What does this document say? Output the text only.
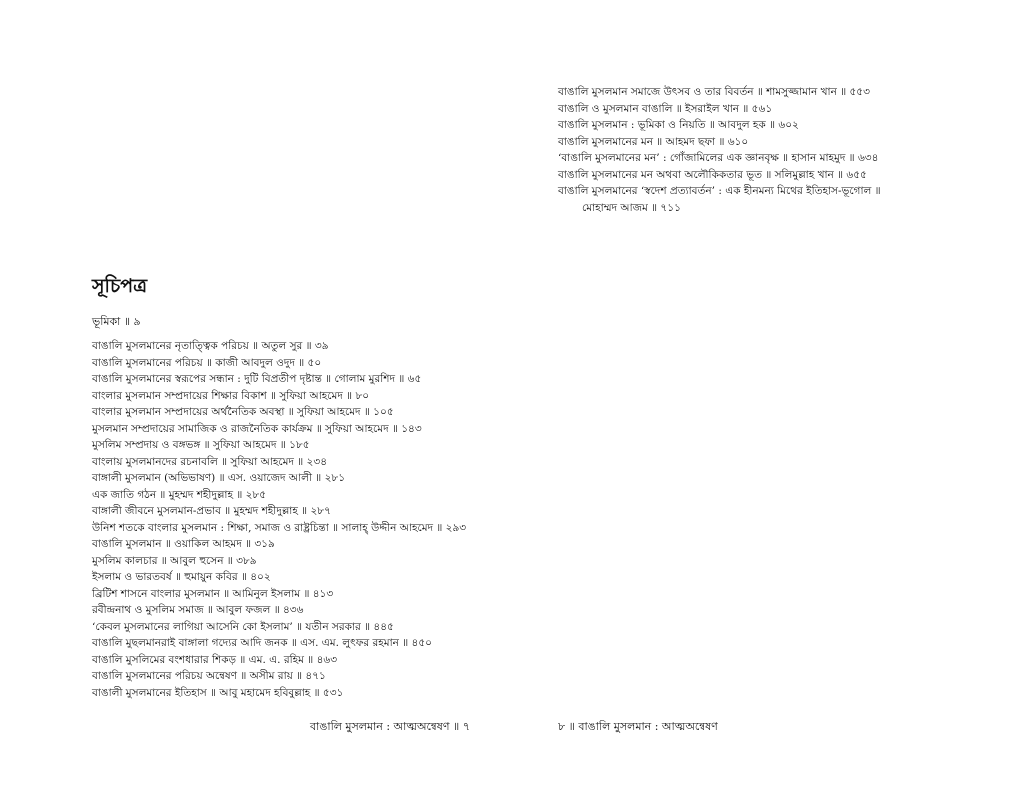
সূচিপত্র
ভূমিকা ॥ ৯
বাঙালি মুসলমানের নৃতাত্ত্বিক পরিচয় ॥ অতুল সুর ॥ ৩৯
বাঙালি মুসলমানের পরিচয় ॥ কাজী আবদুল ওদুদ ॥ ৫০
বাঙালি মুসলমানের স্বরূপের সন্ধান : দুটি বিপ্রতীপ দৃষ্টান্ত ॥ গোলাম মুরশিদ ॥ ৬৫
বাংলার মুসলমান সম্প্রদায়ের শিক্ষার বিকাশ ॥ সুফিয়া আহমেদ ॥ ৮০
বাংলার মুসলমান সম্প্রদায়ের অর্থনৈতিক অবস্থা ॥ সুফিয়া আহমেদ ॥ ১০৫
মুসলমান সম্প্রদায়ের সামাজিক ও রাজনৈতিক কার্যক্রম ॥ সুফিয়া আহমেদ ॥ ১৪৩
মুসলিম সম্প্রদায় ও বঙ্গভঙ্গ ॥ সুফিয়া আহমেদ ॥ ১৮৫
বাংলায় মুসলমানদের রচনাবলি ॥ সুফিয়া আহমেদ ॥ ২৩৪
বাঙ্গালী মুসলমান (অভিভাষণ) ॥ এস. ওয়াজেদ আলী ॥ ২৮১
এক জাতি গঠন ॥ মুহম্মদ শহীদুল্লাহ ॥ ২৮৫
বাঙ্গালী জীবনে মুসলমান-প্রভাব ॥ মুহম্মদ শহীদুল্লাহ ॥ ২৮৭
উনিশ শতকে বাংলার মুসলমান : শিক্ষা, সমাজ ও রাষ্ট্রচিন্তা ॥ সালাহ্ উদ্দীন আহমেদ ॥ ২৯৩
বাঙালি মুসলমান ॥ ওয়াকিল আহমদ ॥ ৩১৯
মুসলিম কালচার ॥ আবুল হুসেন ॥ ৩৮৯
ইসলাম ও ভারতবর্ষ ॥ হুমায়ুন কবির ॥ ৪০২
ব্রিটিশ শাসনে বাংলার মুসলমান ॥ আমিনুল ইসলাম ॥ ৪১৩
রবীন্দ্রনাথ ও মুসলিম সমাজ ॥ আবুল ফজল ॥ ৪৩৬
‘কেবল মুসলমানের লাগিয়া আসেনি কো ইসলাম’ ॥ যতীন সরকার ॥ ৪৪৫
বাঙালি মুছলমানরাই বাঙ্গালা গদ্যের আদি জনক ॥ এস. এম. লুৎফর রহমান ॥ ৪৫০
বাঙালি মুসলিমের বংশধারার শিকড় ॥ এম. এ. রহিম ॥ ৪৬৩
বাঙালি মুসলমানের পরিচয় অন্বেষণ ॥ অসীম রায় ॥ ৪৭১
বাঙালী মুসলমানের ইতিহাস ॥ আবু মহামেদ হবিবুল্লাহ ॥ ৫৩১
বাঙালি মুসলমান : আত্মঅন্বেষণ ॥ ৭
বাঙালি মুসলমান সমাজে উৎসব ও তার বিবর্তন ॥ শামসুজ্জামান খান ॥ ৫৫৩
বাঙালি ও মুসলমান বাঙালি ॥ ইসরাইল খান ॥ ৫৬১
বাঙালি মুসলমান : ভূমিকা ও নিয়তি ॥ আবদুল হক ॥ ৬০২
বাঙালি মুসলমানের মন ॥ আহমদ ছফা ॥ ৬১০
‘বাঙালি মুসলমানের মন’ : গোঁজামিলের এক জ্ঞানবৃক্ষ ॥ হাসান মাহমুদ ॥ ৬৩৪
বাঙালি মুসলমানের মন অথবা অলৌকিকতার ভূত ॥ সলিমুল্লাহ খান ॥ ৬৫৫
বাঙালি মুসলমানের ‘স্বদেশ প্রত্যাবর্তন’ : এক হীনমন্য মিথের ইতিহাস-ভূগোল ॥
মোহাম্মদ আজম ॥ ৭১১
৮ ॥ বাঙালি মুসলমান : আত্মঅন্বেষণ
